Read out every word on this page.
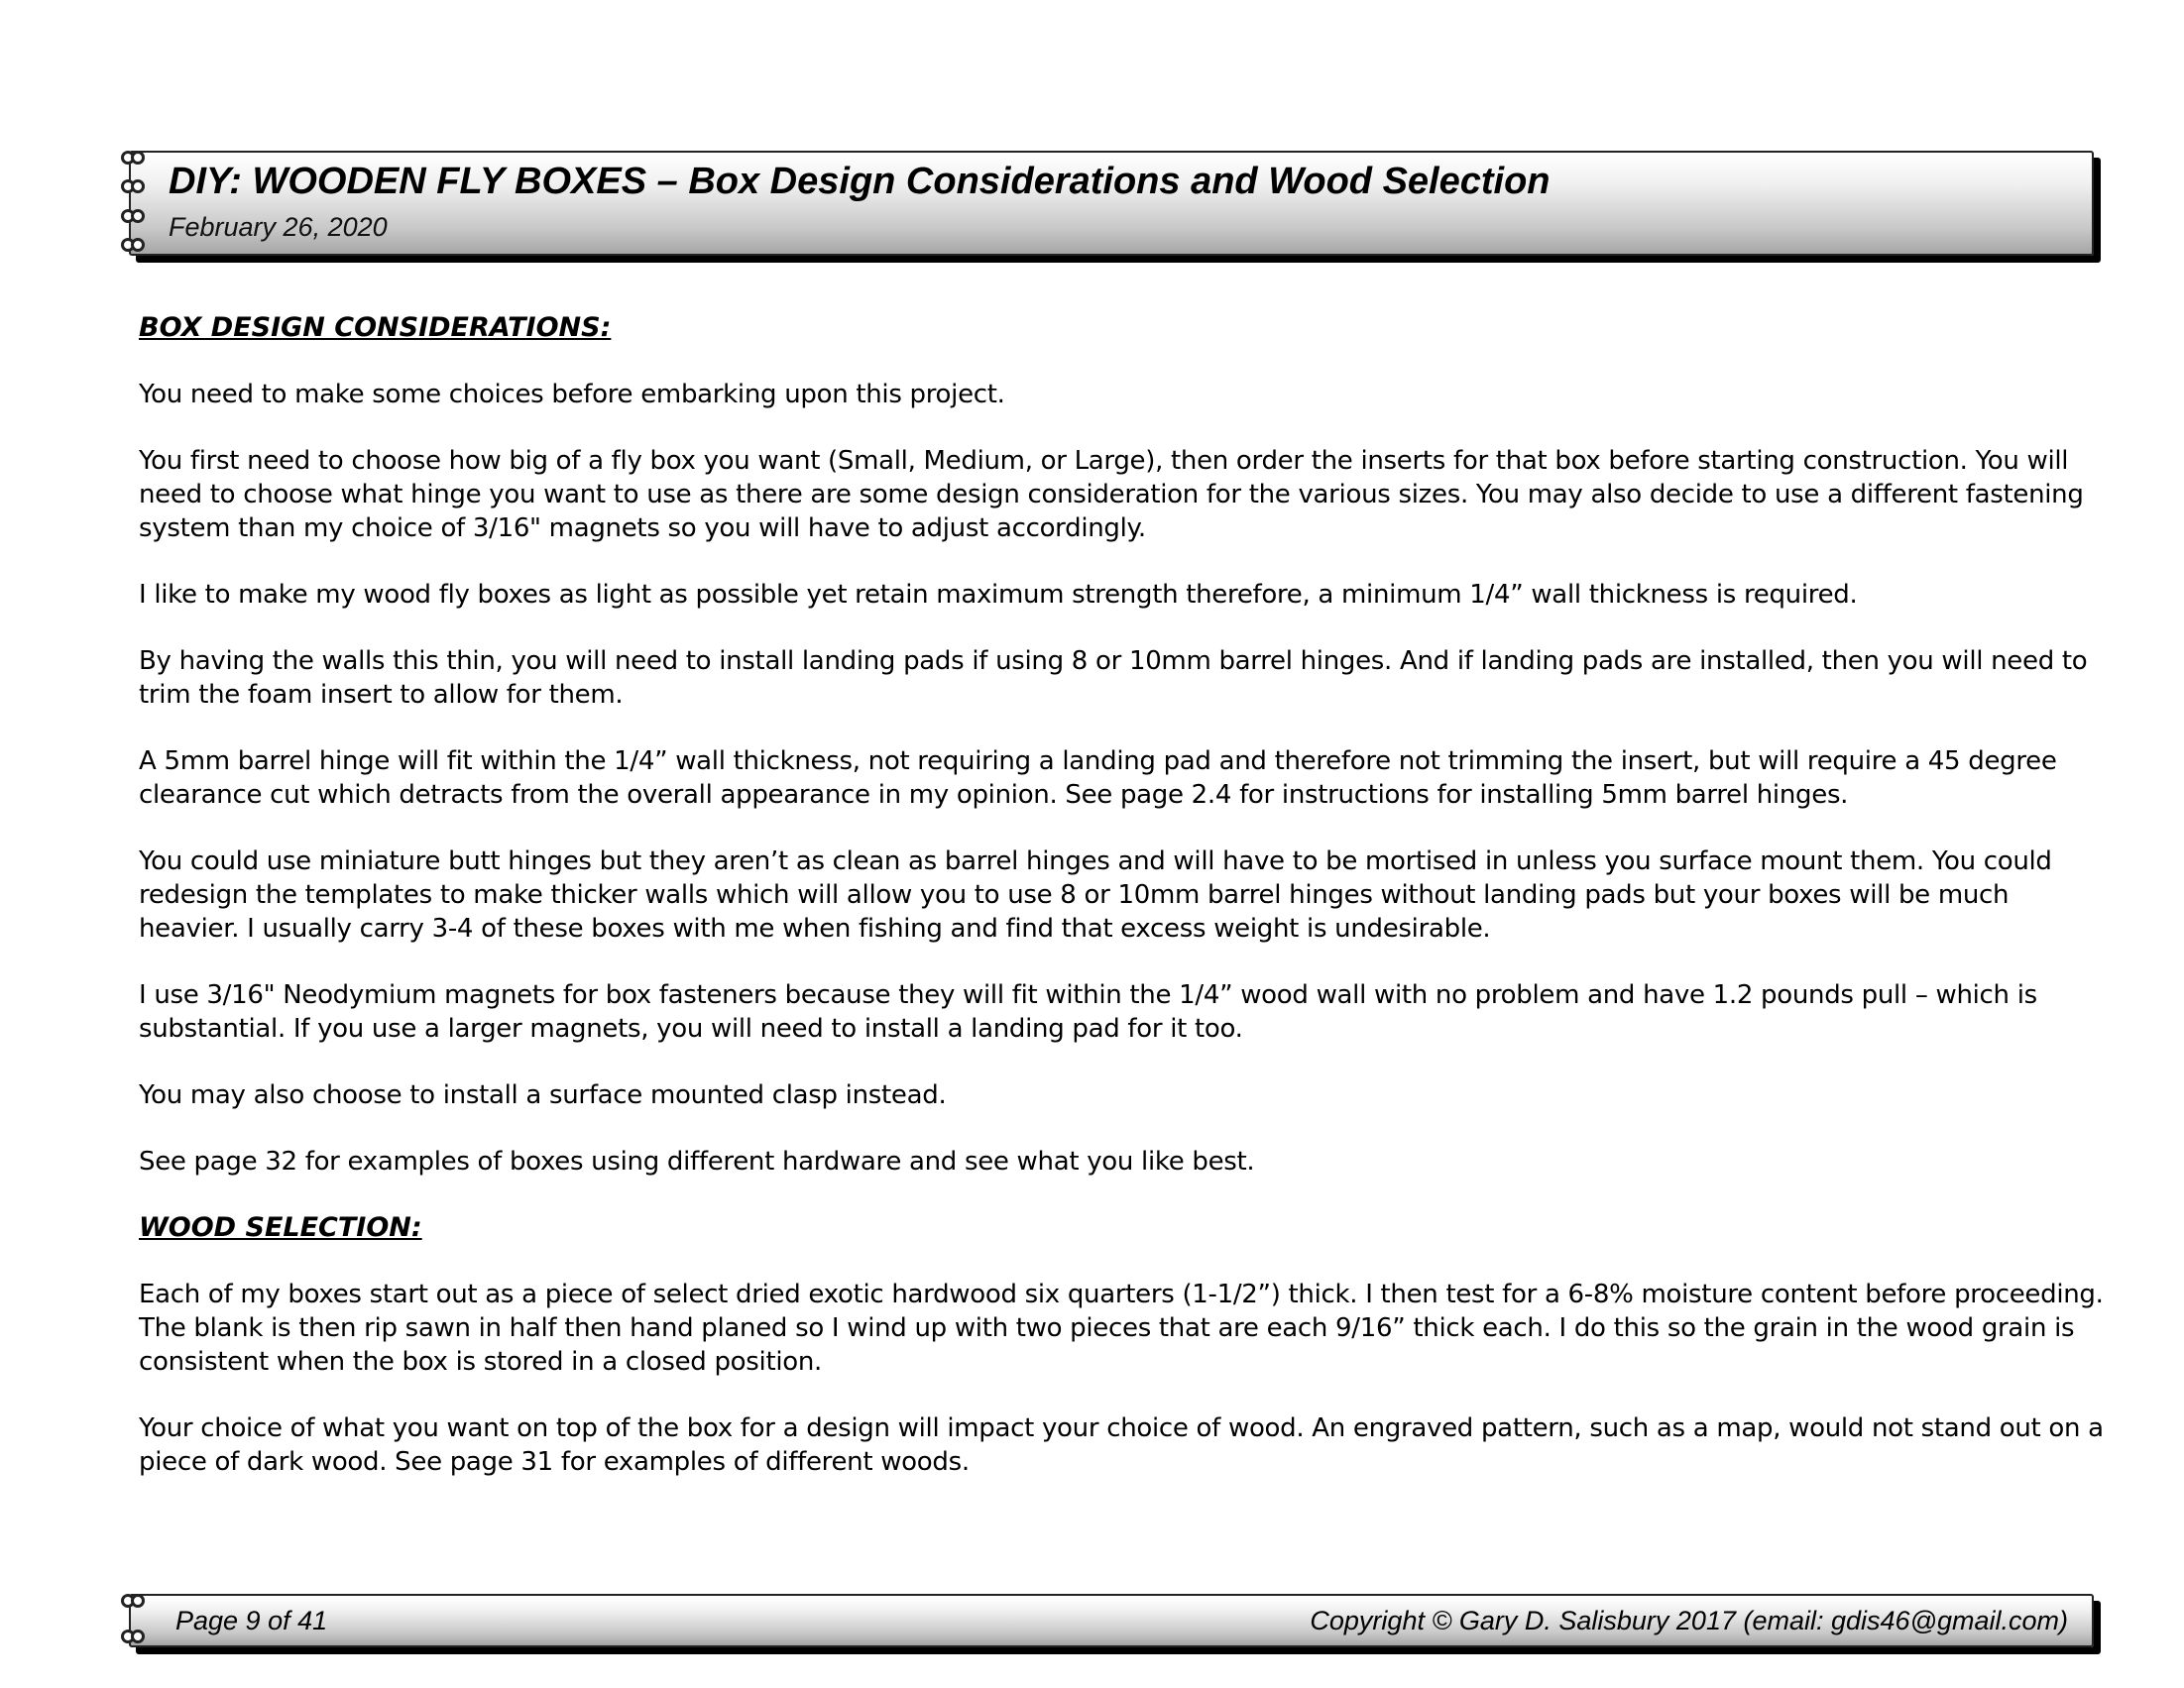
DIY: WOODEN FLY BOXES – Box Design Considerations and Wood Selection
February 26, 2020
BOX DESIGN CONSIDERATIONS:

You need to make some choices before embarking upon this project.

You first need to choose how big of a fly box you want (Small, Medium, or Large), then order the inserts for that box before starting construction. You will need to choose what hinge you want to use as there are some design consideration for the various sizes. You may also decide to use a different fastening system than my choice of 3/16" magnets so you will have to adjust accordingly.

I like to make my wood fly boxes as light as possible yet retain maximum strength therefore, a minimum 1/4” wall thickness is required.

By having the walls this thin, you will need to install landing pads if using 8 or 10mm barrel hinges. And if landing pads are installed, then you will need to trim the foam insert to allow for them.

A 5mm barrel hinge will fit within the 1/4” wall thickness, not requiring a landing pad and therefore not trimming the insert, but will require a 45 degree clearance cut which detracts from the overall appearance in my opinion. See page 2.4 for instructions for installing 5mm barrel hinges.

You could use miniature butt hinges but they aren’t as clean as barrel hinges and will have to be mortised in unless you surface mount them. You could redesign the templates to make thicker walls which will allow you to use 8 or 10mm barrel hinges without landing pads but your boxes will be much heavier. I usually carry 3-4 of these boxes with me when fishing and find that excess weight is undesirable.

I use 3/16" Neodymium magnets for box fasteners because they will fit within the 1/4” wood wall with no problem and have 1.2 pounds pull – which is substantial. If you use a larger magnets, you will need to install a landing pad for it too.

You may also choose to install a surface mounted clasp instead.

See page 32 for examples of boxes using different hardware and see what you like best.

WOOD SELECTION:

Each of my boxes start out as a piece of select dried exotic hardwood six quarters (1-1/2”) thick. I then test for a 6-8% moisture content before proceeding. The blank is then rip sawn in half then hand planed so I wind up with two pieces that are each 9/16” thick each. I do this so the grain in the wood grain is consistent when the box is stored in a closed position.

Your choice of what you want on top of the box for a design will impact your choice of wood. An engraved pattern, such as a map, would not stand out on a piece of dark wood. See page 31 for examples of different woods.

Page 9 of 41	Copyright © Gary D. Salisbury 2017 (email: gdis46@gmail.com)
